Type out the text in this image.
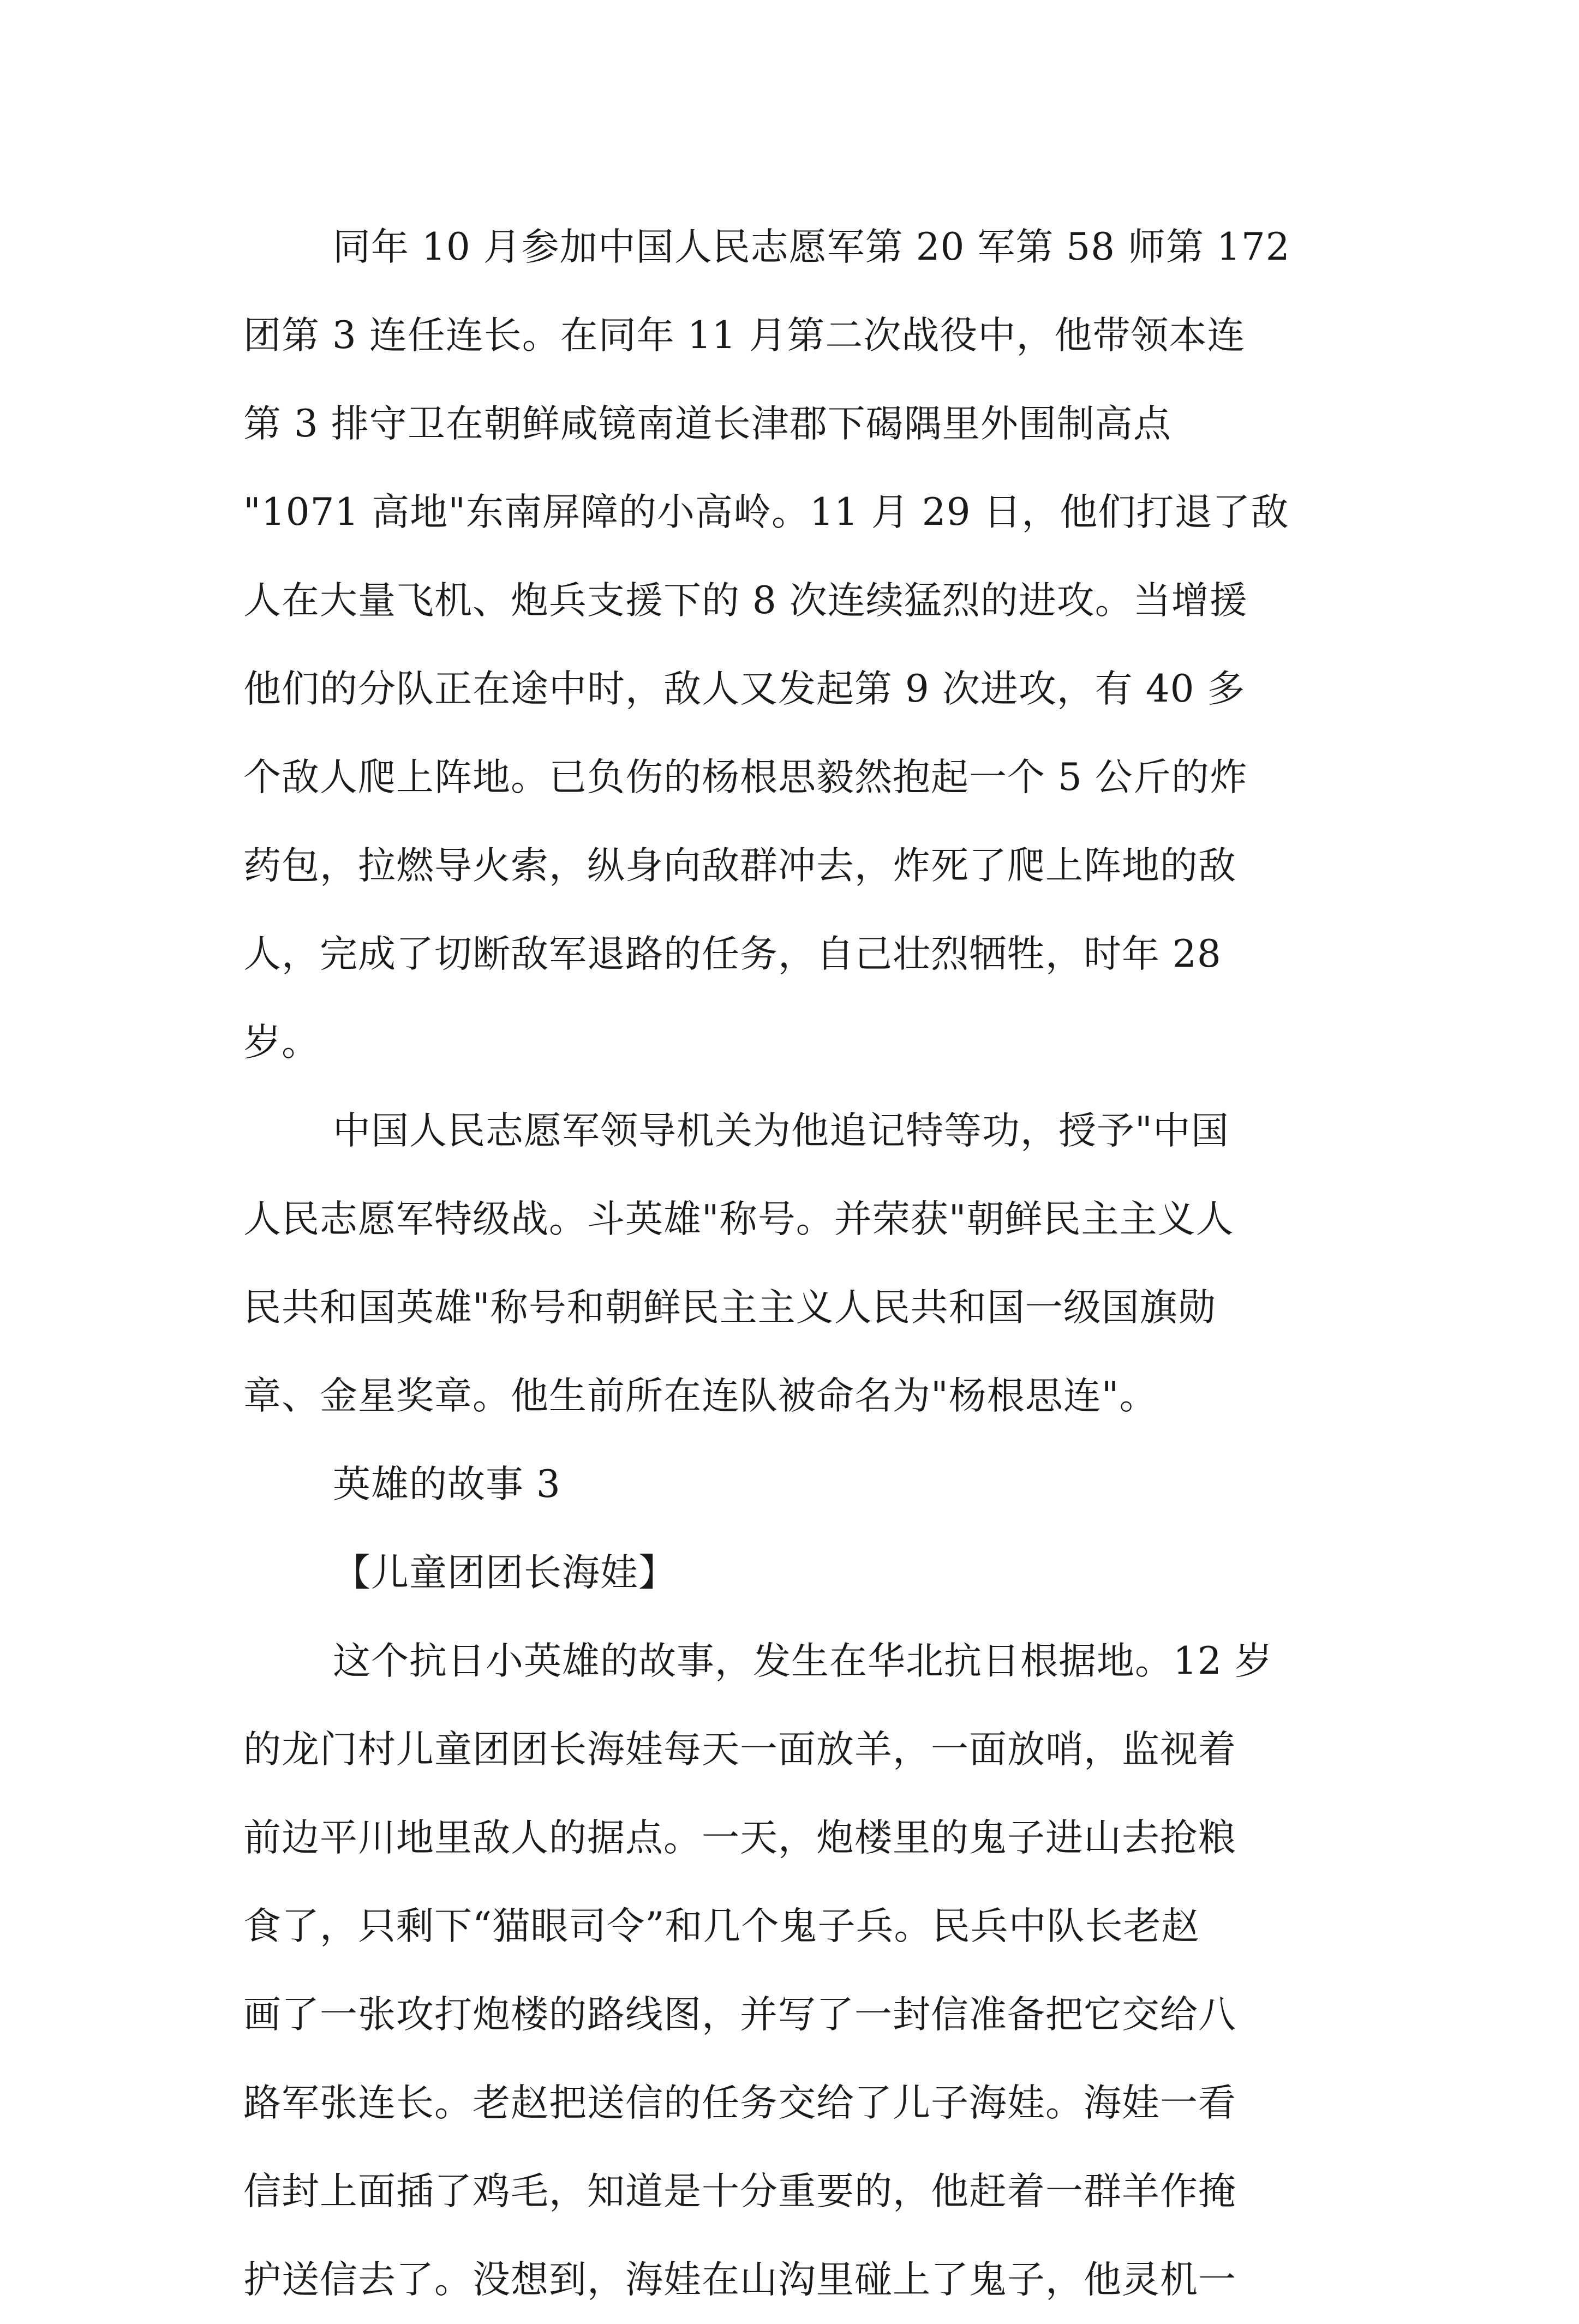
同年 10 月参加中国人民志愿军第 20 军第 58 师第 172
团第 3 连任连长。在同年 11 月第二次战役中，他带领本连
第 3 排守卫在朝鲜咸镜南道长津郡下碣隅里外围制高点
"1071 高地"东南屏障的小高岭。11 月 29 日，他们打退了敌
人在大量飞机、炮兵支援下的 8 次连续猛烈的进攻。当增援
他们的分队正在途中时，敌人又发起第 9 次进攻，有 40 多
个敌人爬上阵地。已负伤的杨根思毅然抱起一个 5 公斤的炸
药包，拉燃导火索，纵身向敌群冲去，炸死了爬上阵地的敌
人，完成了切断敌军退路的任务，自己壮烈牺牲，时年 28
岁。
中国人民志愿军领导机关为他追记特等功，授予"中国
人民志愿军特级战。斗英雄"称号。并荣获"朝鲜民主主义人
民共和国英雄"称号和朝鲜民主主义人民共和国一级国旗勋
章、金星奖章。他生前所在连队被命名为"杨根思连"。
英雄的故事 3
【儿童团团长海娃】
这个抗日小英雄的故事，发生在华北抗日根据地。12 岁
的龙门村儿童团团长海娃每天一面放羊，一面放哨，监视着
前边平川地里敌人的据点。一天，炮楼里的鬼子进山去抢粮
食了，只剩下“猫眼司令”和几个鬼子兵。民兵中队长老赵
画了一张攻打炮楼的路线图，并写了一封信准备把它交给八
路军张连长。老赵把送信的任务交给了儿子海娃。海娃一看
信封上面插了鸡毛，知道是十分重要的，他赶着一群羊作掩
护送信去了。没想到，海娃在山沟里碰上了鬼子，他灵机一
